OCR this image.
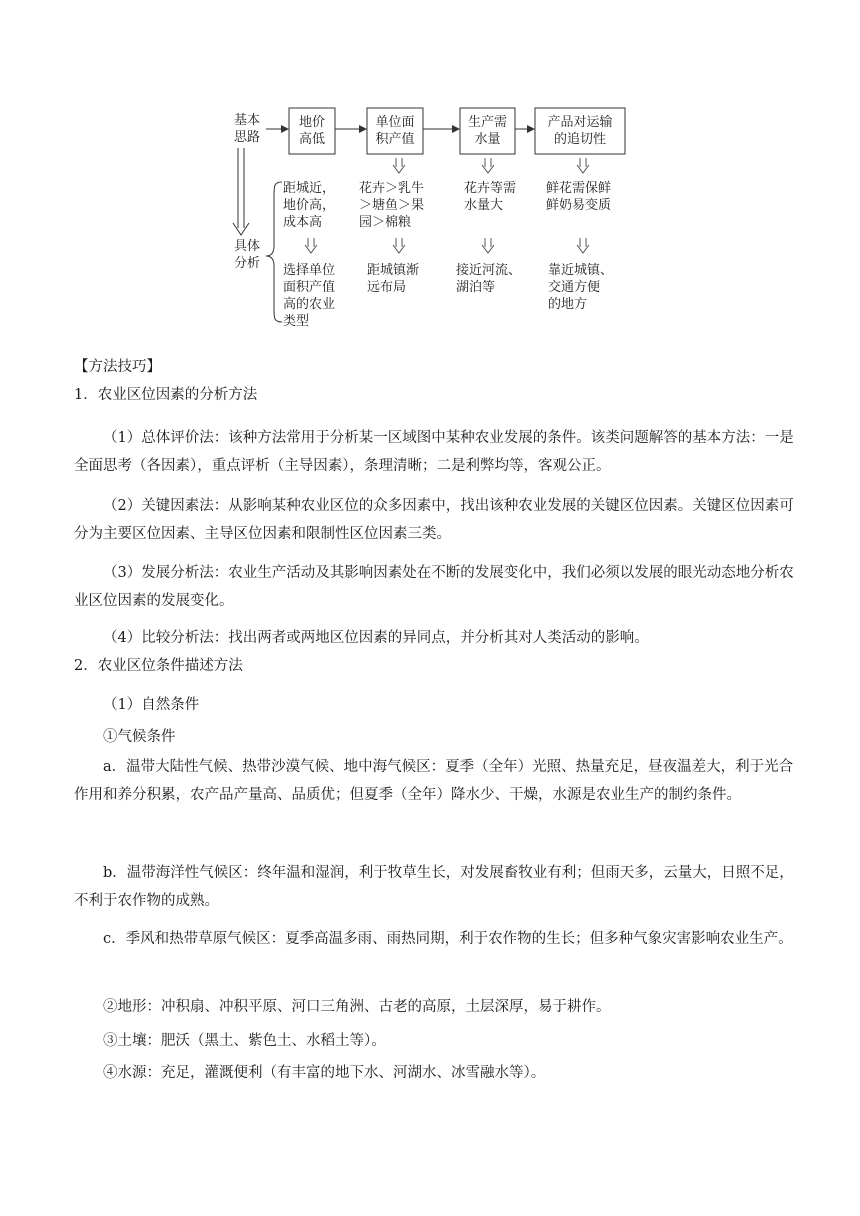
基本
思路
具体
分析
地价
高低
单位面
积产值
生产需
水量
产品对运输
的追切性
距城近，
地价高，
成本高
花卉＞乳牛
＞塘鱼＞果
园＞棉粮
花卉等需
水量大
鲜花需保鲜
鲜奶易变质
选择单位
面积产值
高的农业
类型
距城镇渐
远布局
接近河流、
湖泊等
靠近城镇、
交通方便
的地方
【方法技巧】
1．农业区位因素的分析方法
（1）总体评价法：该种方法常用于分析某一区域图中某种农业发展的条件。该类问题解答的基本方法：一是全面思考（各因素），重点评析（主导因素），条理清晰；二是利弊均等，客观公正。
（2）关键因素法：从影响某种农业区位的众多因素中，找出该种农业发展的关键区位因素。关键区位因素可分为主要区位因素、主导区位因素和限制性区位因素三类。
（3）发展分析法：农业生产活动及其影响因素处在不断的发展变化中，我们必须以发展的眼光动态地分析农业区位因素的发展变化。
（4）比较分析法：找出两者或两地区位因素的异同点，并分析其对人类活动的影响。
2．农业区位条件描述方法
（1）自然条件
①气候条件
a．温带大陆性气候、热带沙漠气候、地中海气候区：夏季（全年）光照、热量充足，昼夜温差大，利于光合作用和养分积累，农产品产量高、品质优；但夏季（全年）降水少、干燥，水源是农业生产的制约条件。
b．温带海洋性气候区：终年温和湿润，利于牧草生长，对发展畜牧业有利；但雨天多，云量大，日照不足，不利于农作物的成熟。
c．季风和热带草原气候区：夏季高温多雨、雨热同期，利于农作物的生长；但多种气象灾害影响农业生产。
②地形：冲积扇、冲积平原、河口三角洲、古老的高原，土层深厚，易于耕作。
③土壤：肥沃（黑土、紫色土、水稻土等）。
④水源：充足，灌溉便利（有丰富的地下水、河湖水、冰雪融水等）。
